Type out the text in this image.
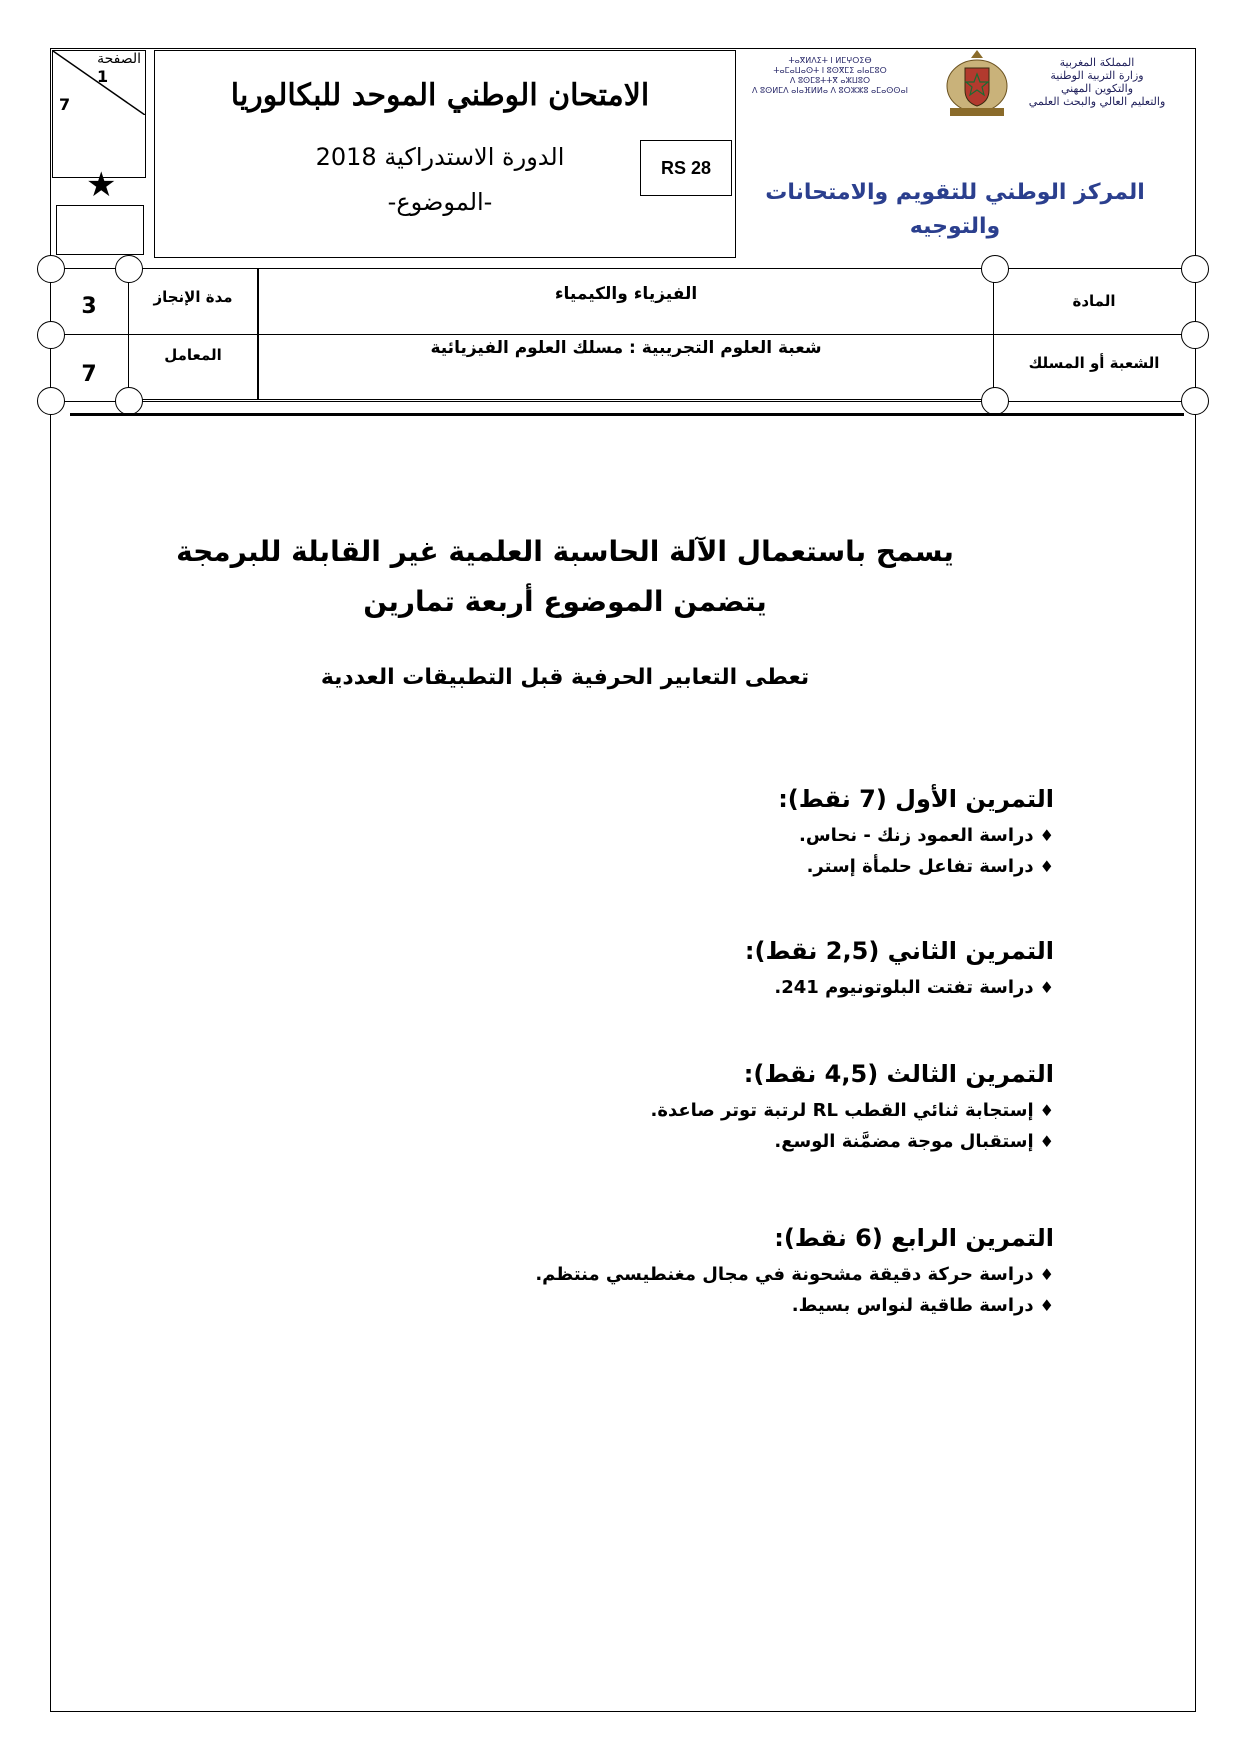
الصفحة
1
7
★
الامتحان الوطني الموحد للبكالوريا
الدورة الاستدراكية 2018
-الموضوع-
RS 28
ⵜⴰⴳⵍⴷⵉⵜ ⵏ ⵍⵎⵖⵔⵉⴱ
ⵜⴰⵎⴰⵡⴰⵙⵜ ⵏ ⵓⵙⴳⵎⵉ ⴰⵏⴰⵎⵓⵔ
ⴷ ⵓⵙⵎⵓⵜⵜⴳ ⴰⵣⵡⵓⵔ
ⴷ ⵓⵙⵍⵎⴷ ⴰⵏⴰⴼⵍⵍⴰ ⴷ ⵓⵔⵣⵣⵓ ⴰⵎⴰⵙⵙⴰⵏ
المملكة المغربية
وزارة التربية الوطنية
والتكوين المهني
والتعليم العالي والبحث العلمي
المركز الوطني للتقويم والامتحانات والتوجيه
3
7
مدة الإنجاز
المعامل
الفيزياء والكيمياء
شعبة العلوم التجريبية : مسلك العلوم الفيزيائية
المادة
الشعبة أو المسلك
يسمح باستعمال الآلة الحاسبة العلمية غير القابلة للبرمجة
يتضمن الموضوع أربعة تمارين
تعطى التعابير الحرفية قبل التطبيقات العددية
التمرين الأول (7 نقط):
♦دراسة العمود زنك - نحاس.
♦دراسة تفاعل حلمأة إستر.
التمرين الثاني (2,5 نقط):
♦دراسة تفتت البلوتونيوم 241.
التمرين الثالث (4,5 نقط):
♦إستجابة ثنائي القطب RL لرتبة توتر صاعدة.
♦إستقبال موجة مضمَّنة الوسع.
التمرين الرابع (6 نقط):
♦دراسة حركة دقيقة مشحونة في مجال مغنطيسي منتظم.
♦دراسة طاقية لنواس بسيط.
